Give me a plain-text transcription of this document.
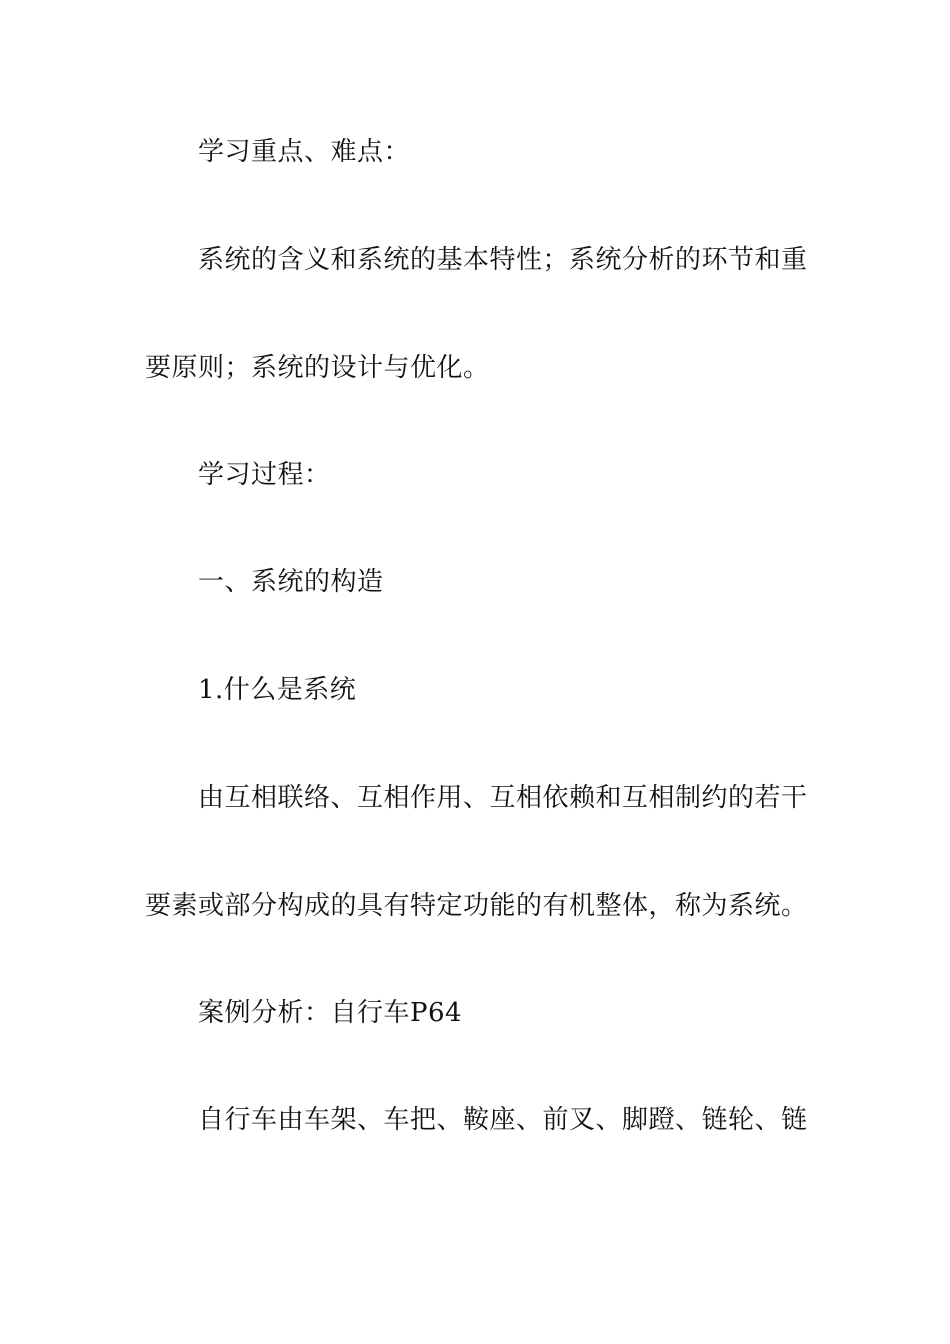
学习重点、难点：
系统的含义和系统的基本特性；系统分析的环节和重
要原则；系统的设计与优化。
学习过程：
一、系统的构造
1.什么是系统
由互相联络、互相作用、互相依赖和互相制约的若干
要素或部分构成的具有特定功能的有机整体，称为系统。
案例分析：自行车P64
自行车由车架、车把、鞍座、前叉、脚蹬、链轮、链
